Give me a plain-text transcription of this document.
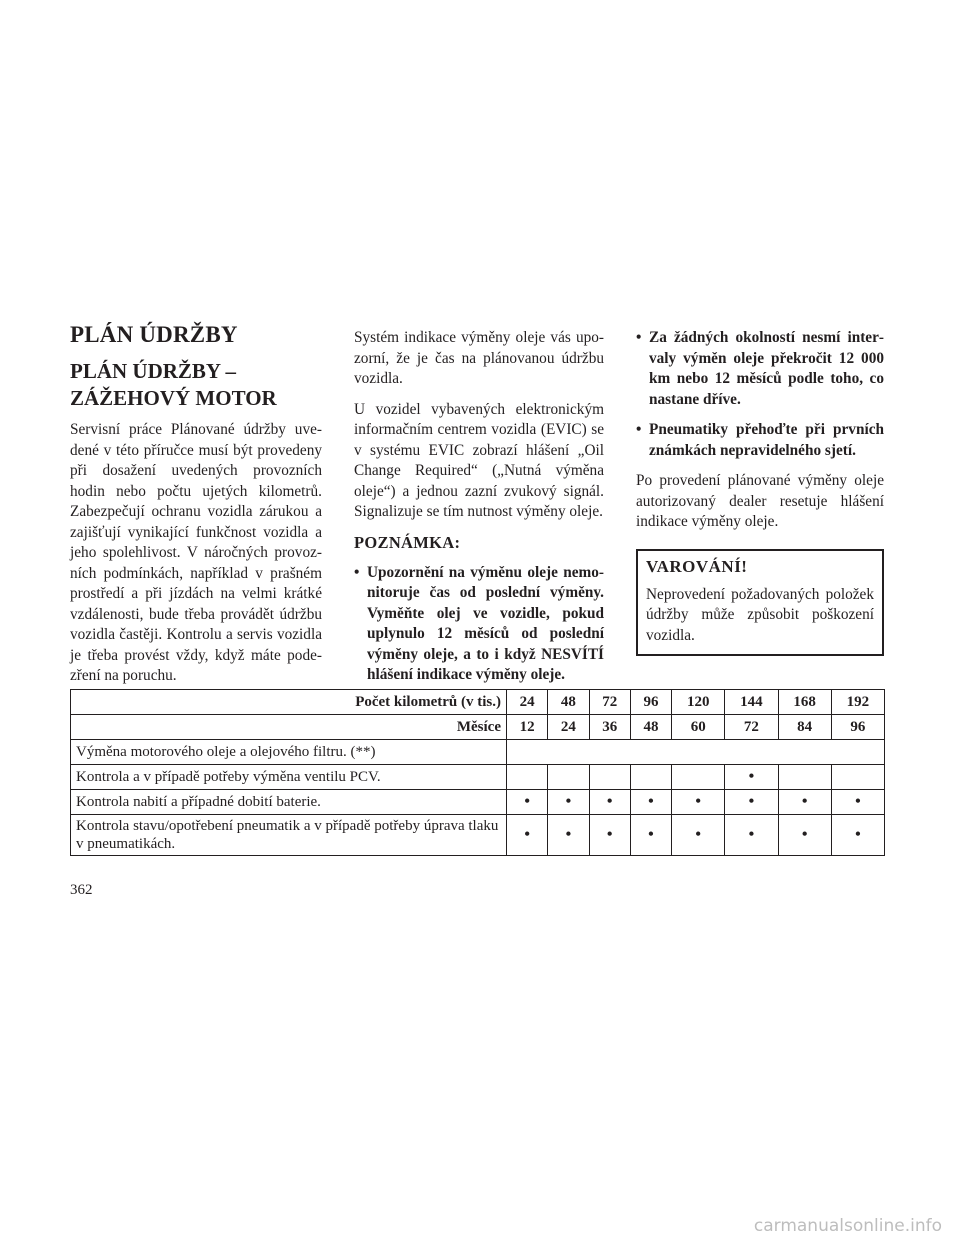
PLÁN ÚDRŽBY
PLÁN ÚDRŽBY – ZÁŽEHOVÝ MOTOR

Servisní práce Plánované údržby uvedené v této příručce musí být provedeny při dosažení uvedených provozních hodin nebo počtu ujetých kilometrů. Zabezpečují ochranu vozidla zárukou a zajišťují vynikající funkčnost vozidla a jeho spolehlivost. V náročných provozních podmínkách, například v prašném prostředí a při jízdách na velmi krátké vzdálenosti, bude třeba provádět údržbu vozidla častěji. Kontrolu a servis vozidla je třeba provést vždy, když máte podezření na poruchu.

Systém indikace výměny oleje vás upozorní, že je čas na plánovanou údržbu vozidla.

U vozidel vybavených elektronickým informačním centrem vozidla (EVIC) se v systému EVIC zobrazí hlášení „Oil Change Required“ („Nutná výměna oleje“) a jednou zazní zvukový signál. Signalizuje se tím nutnost výměny oleje.

POZNÁMKA:
• Upozornění na výměnu oleje nemonitoruje čas od poslední výměny. Vyměňte olej ve vozidle, pokud uplynulo 12 měsíců od poslední výměny oleje, a to i když NESVÍTÍ hlášení indikace výměny oleje.
• Za žádných okolností nesmí intervaly výměn oleje překročit 12 000 km nebo 12 měsíců podle toho, co nastane dříve.
• Pneumatiky přehoďte při prvních známkách nepravidelného sjetí.

Po provedení plánované výměny oleje autorizovaný dealer resetuje hlášení indikace výměny oleje.

VAROVÁNÍ!

Neprovedení požadovaných položek údržby může způsobit poškození vozidla.

Počet kilometrů (v tis.)	24	48	72	96	120	144	168	192
Měsíce	12	24	36	48	60	72	84	96
Výměna motorového oleje a olejového filtru. (**)								
Kontrola a v případě potřeby výměna ventilu PCV.						•		
Kontrola nabití a případné dobití baterie.	•	•	•	•	•	•	•	•
Kontrola stavu/opotřebení pneumatik a v případě potřeby úprava tlaku v pneumatikách.	•	•	•	•	•	•	•	•
362
carmanualsonline.info
